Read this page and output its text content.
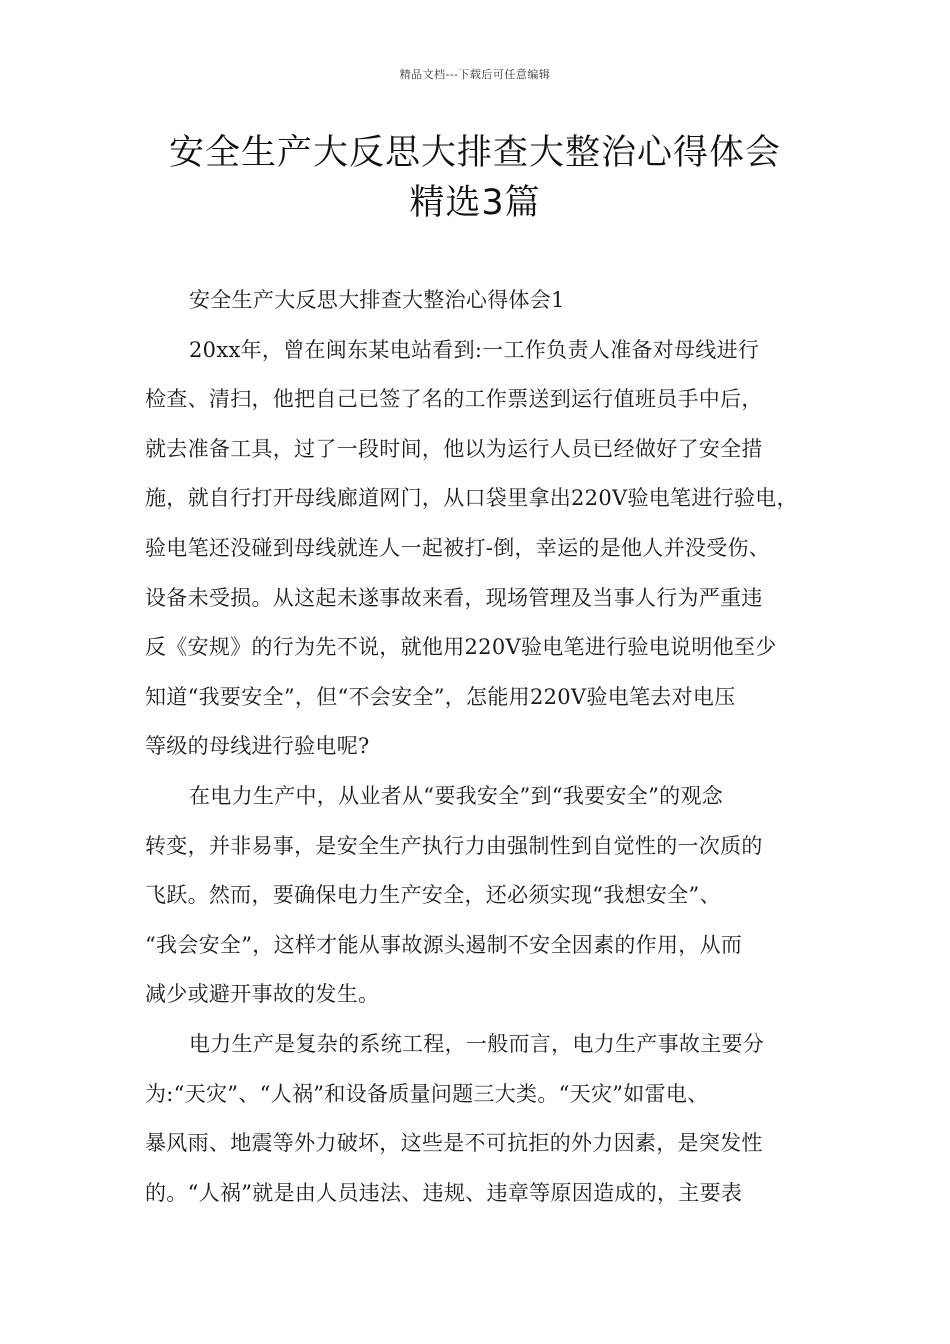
精品文档---下载后可任意编辑
安全生产大反思大排查大整治心得体会
精选3篇
安全生产大反思大排查大整治心得体会1
20xx年，曾在闽东某电站看到:一工作负责人准备对母线进行
检查、清扫，他把自己已签了名的工作票送到运行值班员手中后，
就去准备工具，过了一段时间，他以为运行人员已经做好了安全措
施，就自行打开母线廊道网门，从口袋里拿出220V验电笔进行验电，
验电笔还没碰到母线就连人一起被打-倒，幸运的是他人并没受伤、
设备未受损。从这起未遂事故来看，现场管理及当事人行为严重违
反《安规》的行为先不说，就他用220V验电笔进行验电说明他至少
知道“我要安全”，但“不会安全”，怎能用220V验电笔去对电压
等级的母线进行验电呢?
在电力生产中，从业者从“要我安全”到“我要安全”的观念
转变，并非易事，是安全生产执行力由强制性到自觉性的一次质的
飞跃。然而，要确保电力生产安全，还必须实现“我想安全”、
“我会安全”，这样才能从事故源头遏制不安全因素的作用，从而
减少或避开事故的发生。
电力生产是复杂的系统工程，一般而言，电力生产事故主要分
为:“天灾”、“人祸”和设备质量问题三大类。“天灾”如雷电、
暴风雨、地震等外力破坏，这些是不可抗拒的外力因素，是突发性
的。“人祸”就是由人员违法、违规、违章等原因造成的，主要表
